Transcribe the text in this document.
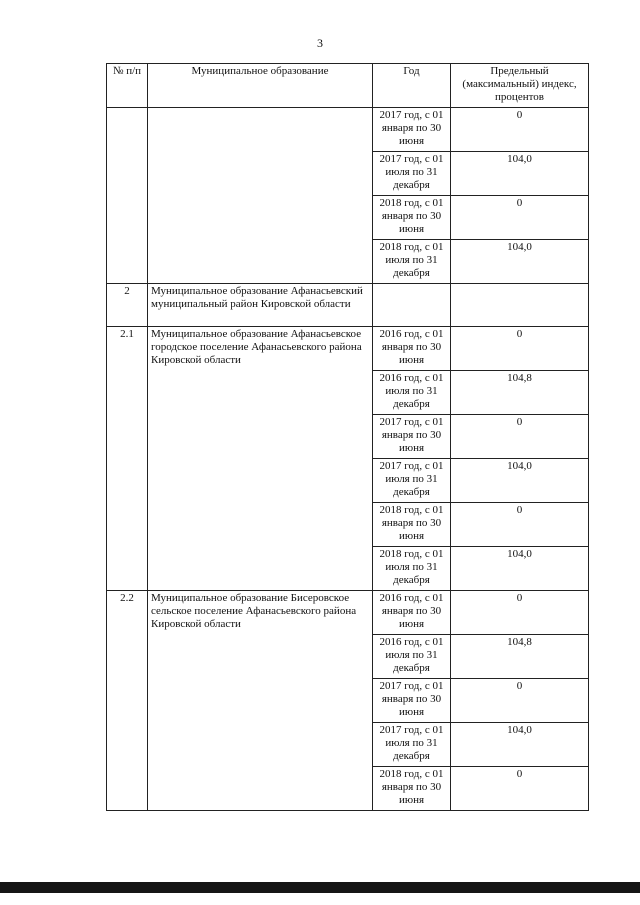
3
№ п/п	Муниципальное образование	Год	Предельный (максимальный) индекс, процентов
		2017 год, с 01 января по 30 июня	0
		2017 год, с 01 июля по 31 декабря	104,0
		2018 год, с 01 января по 30 июня	0
		2018 год, с 01 июля по 31 декабря	104,0
2	Муниципальное образование Афанасьевский муниципальный район Кировской области		
2.1	Муниципальное образование Афанасьевское городское поселение Афанасьевского района Кировской области	2016 год, с 01 января по 30 июня	0
		2016 год, с 01 июля по 31 декабря	104,8
		2017 год, с 01 января по 30 июня	0
		2017 год, с 01 июля по 31 декабря	104,0
		2018 год, с 01 января по 30 июня	0
		2018 год, с 01 июля по 31 декабря	104,0
2.2	Муниципальное образование Бисеровское сельское поселение Афанасьевского района Кировской области	2016 год, с 01 января по 30 июня	0
		2016 год, с 01 июля по 31 декабря	104,8
		2017 год, с 01 января по 30 июня	0
		2017 год, с 01 июля по 31 декабря	104,0
		2018 год, с 01 января по 30 июня	0
